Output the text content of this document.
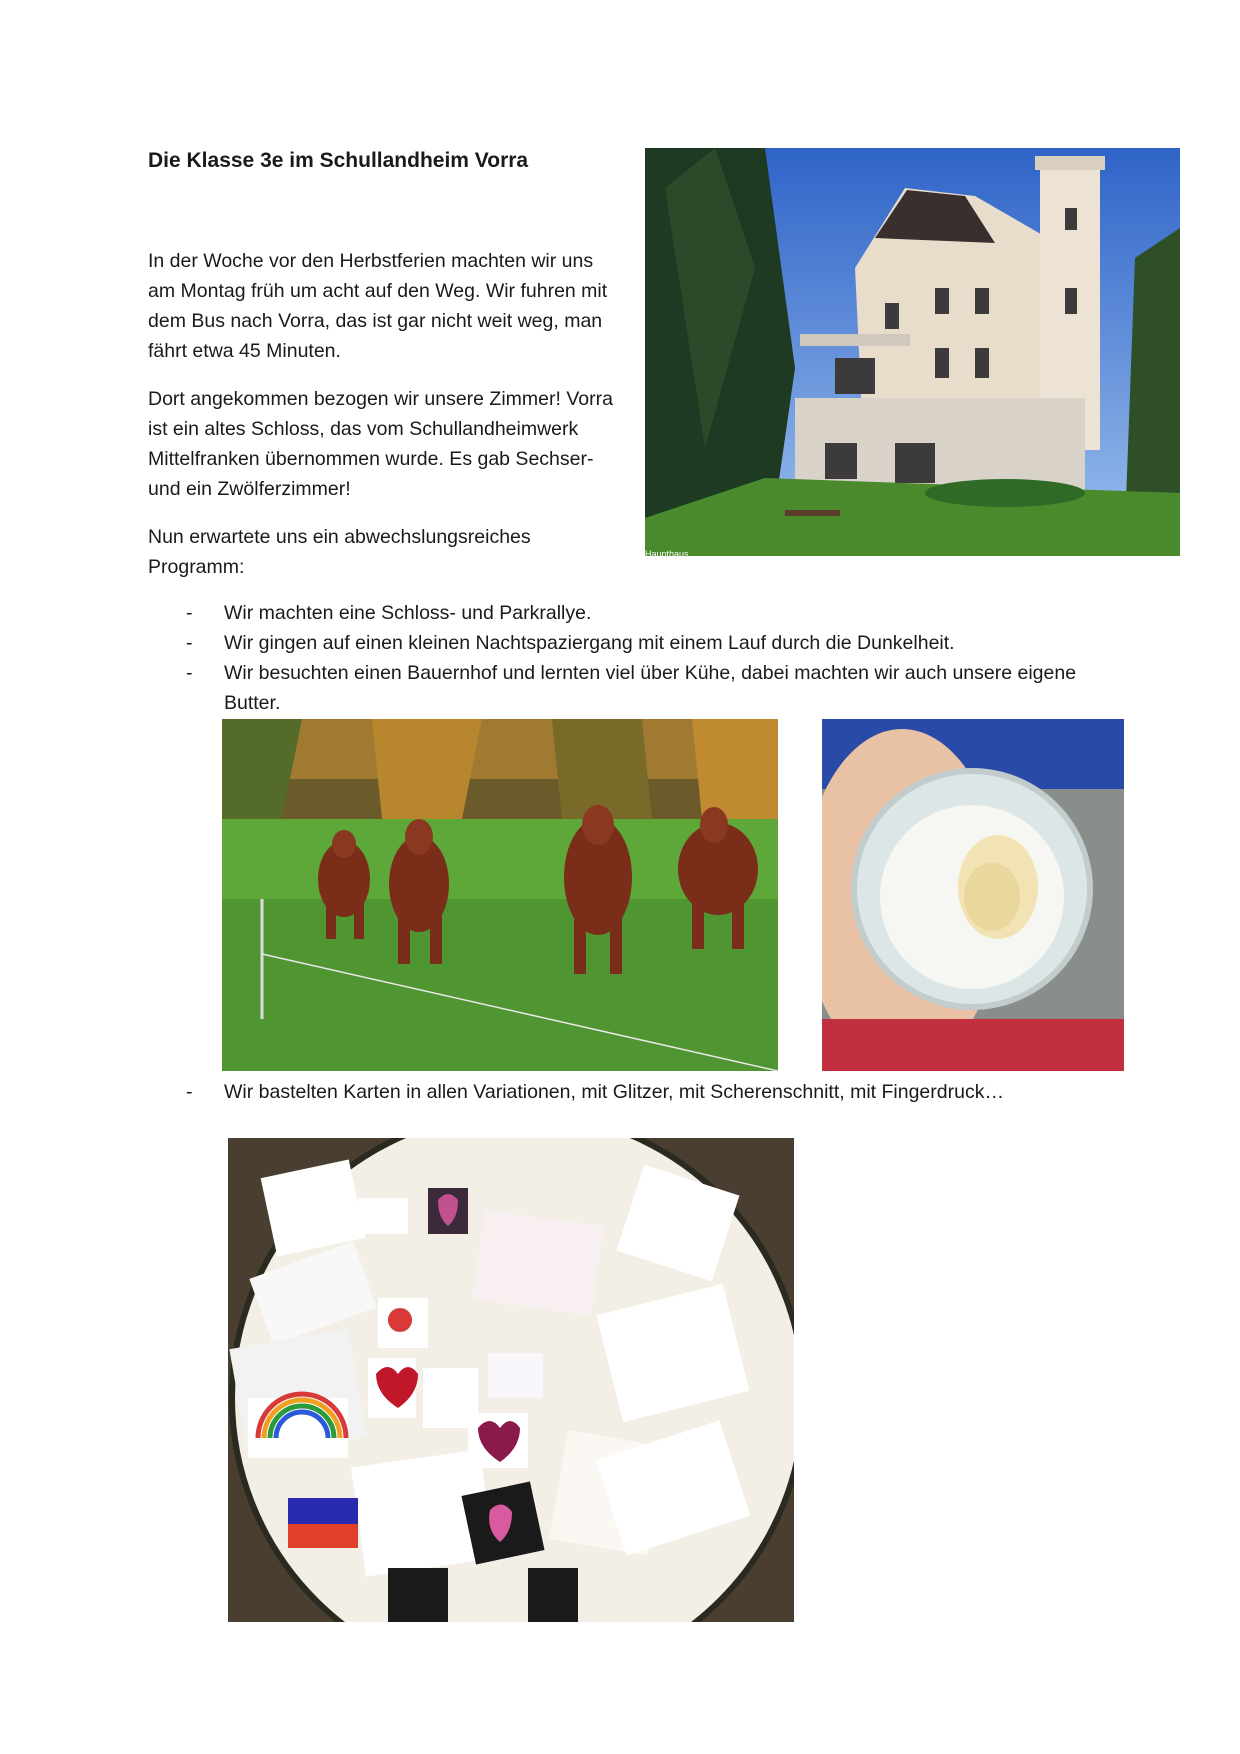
Die Klasse 3e im Schullandheim Vorra

In der Woche vor den Herbstferien machten wir uns am Montag früh um acht auf den Weg. Wir fuhren mit dem Bus nach Vorra, das ist gar nicht weit weg, man fährt etwa 45 Minuten.

Dort angekommen bezogen wir unsere Zimmer! Vorra ist ein altes Schloss, das vom Schullandheimwerk Mittelfranken übernommen wurde. Es gab Sechser- und ein Zwölferzimmer!

Nun erwartete uns ein abwechslungsreiches Programm:

Haupthaus
- Wir machten eine Schloss- und Parkrallye.
- Wir gingen auf einen kleinen Nachtspaziergang mit einem Lauf durch die Dunkelheit.
- Wir besuchten einen Bauernhof und lernten viel über Kühe, dabei machten wir auch unsere eigene Butter.
- Wir bastelten Karten in allen Variationen, mit Glitzer, mit Scherenschnitt, mit Fingerdruck…
